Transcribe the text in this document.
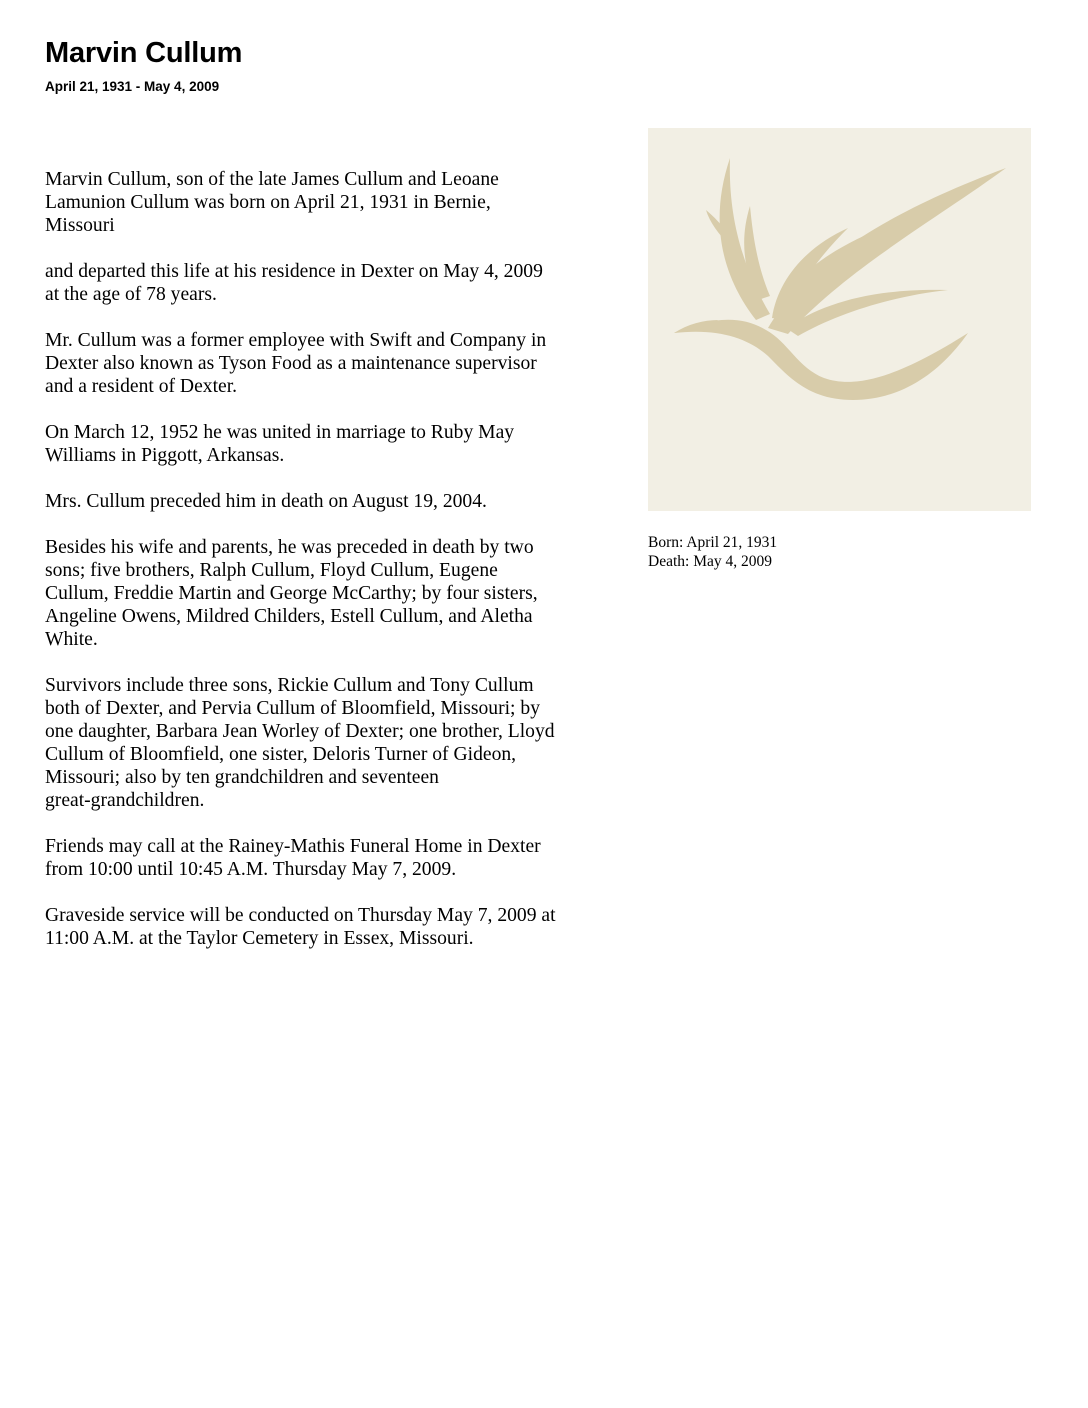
Marvin Cullum
April 21, 1931 - May 4, 2009

Marvin Cullum, son of the late James Cullum and Leoane
Lamunion Cullum was born on April 21, 1931 in Bernie,
Missouri

and departed this life at his residence in Dexter on May 4, 2009
at the age of 78 years.

Mr. Cullum was a former employee with Swift and Company in
Dexter also known as Tyson Food as a maintenance supervisor
and a resident of Dexter.

On March 12, 1952 he was united in marriage to Ruby May
Williams in Piggott, Arkansas.

Mrs. Cullum preceded him in death on August 19, 2004.

Besides his wife and parents, he was preceded in death by two
sons; five brothers, Ralph Cullum, Floyd Cullum, Eugene
Cullum, Freddie Martin and George McCarthy; by four sisters,
Angeline Owens, Mildred Childers, Estell Cullum, and Aletha
White.

Survivors include three sons, Rickie Cullum and Tony Cullum
both of Dexter, and Pervia Cullum of Bloomfield, Missouri; by
one daughter, Barbara Jean Worley of Dexter; one brother, Lloyd
Cullum of Bloomfield, one sister, Deloris Turner of Gideon,
Missouri; also by ten grandchildren and seventeen
great-grandchildren.

Friends may call at the Rainey-Mathis Funeral Home in Dexter
from 10:00 until 10:45 A.M. Thursday May 7, 2009.

Graveside service will be conducted on Thursday May 7, 2009 at
11:00 A.M. at the Taylor Cemetery in Essex, Missouri.

Born: April 21, 1931
Death: May 4, 2009
